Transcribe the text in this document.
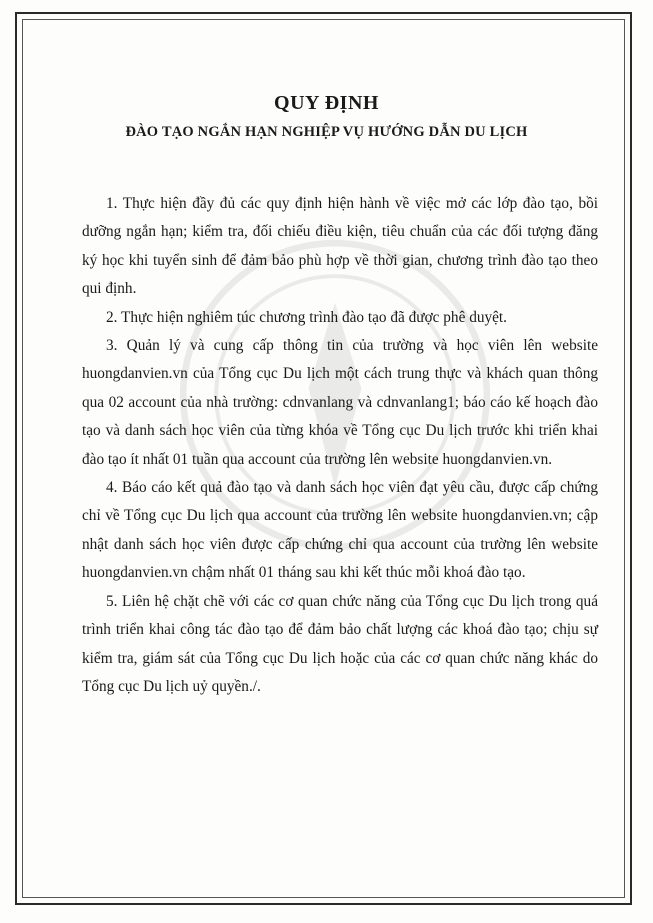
QUY ĐỊNH
ĐÀO TẠO NGẮN HẠN NGHIỆP VỤ HƯỚNG DẪN DU LỊCH

1. Thực hiện đầy đủ các quy định hiện hành về việc mở các lớp đào tạo, bồi dưỡng ngắn hạn; kiểm tra, đối chiếu điều kiện, tiêu chuẩn của các đối tượng đăng ký học khi tuyển sinh để đảm bảo phù hợp về thời gian, chương trình đào tạo theo qui định.

2. Thực hiện nghiêm túc chương trình đào tạo đã được phê duyệt.

3. Quản lý và cung cấp thông tin của trường và học viên lên website huongdanvien.vn của Tổng cục Du lịch một cách trung thực và khách quan thông qua 02 account của nhà trường: cdnvanlang và cdnvanlang1; báo cáo kế hoạch đào tạo và danh sách học viên của từng khóa về Tổng cục Du lịch trước khi triển khai đào tạo ít nhất 01 tuần qua account của trường lên website huongdanvien.vn.

4. Báo cáo kết quả đào tạo và danh sách học viên đạt yêu cầu, được cấp chứng chỉ về Tổng cục Du lịch qua account của trường lên website huongdanvien.vn; cập nhật danh sách học viên được cấp chứng chỉ qua account của trường lên website huongdanvien.vn chậm nhất 01 tháng sau khi kết thúc mỗi khoá đào tạo.

5. Liên hệ chặt chẽ với các cơ quan chức năng của Tổng cục Du lịch trong quá trình triển khai công tác đào tạo để đảm bảo chất lượng các khoá đào tạo; chịu sự kiểm tra, giám sát của Tổng cục Du lịch hoặc của các cơ quan chức năng khác do Tổng cục Du lịch uỷ quyền./.
